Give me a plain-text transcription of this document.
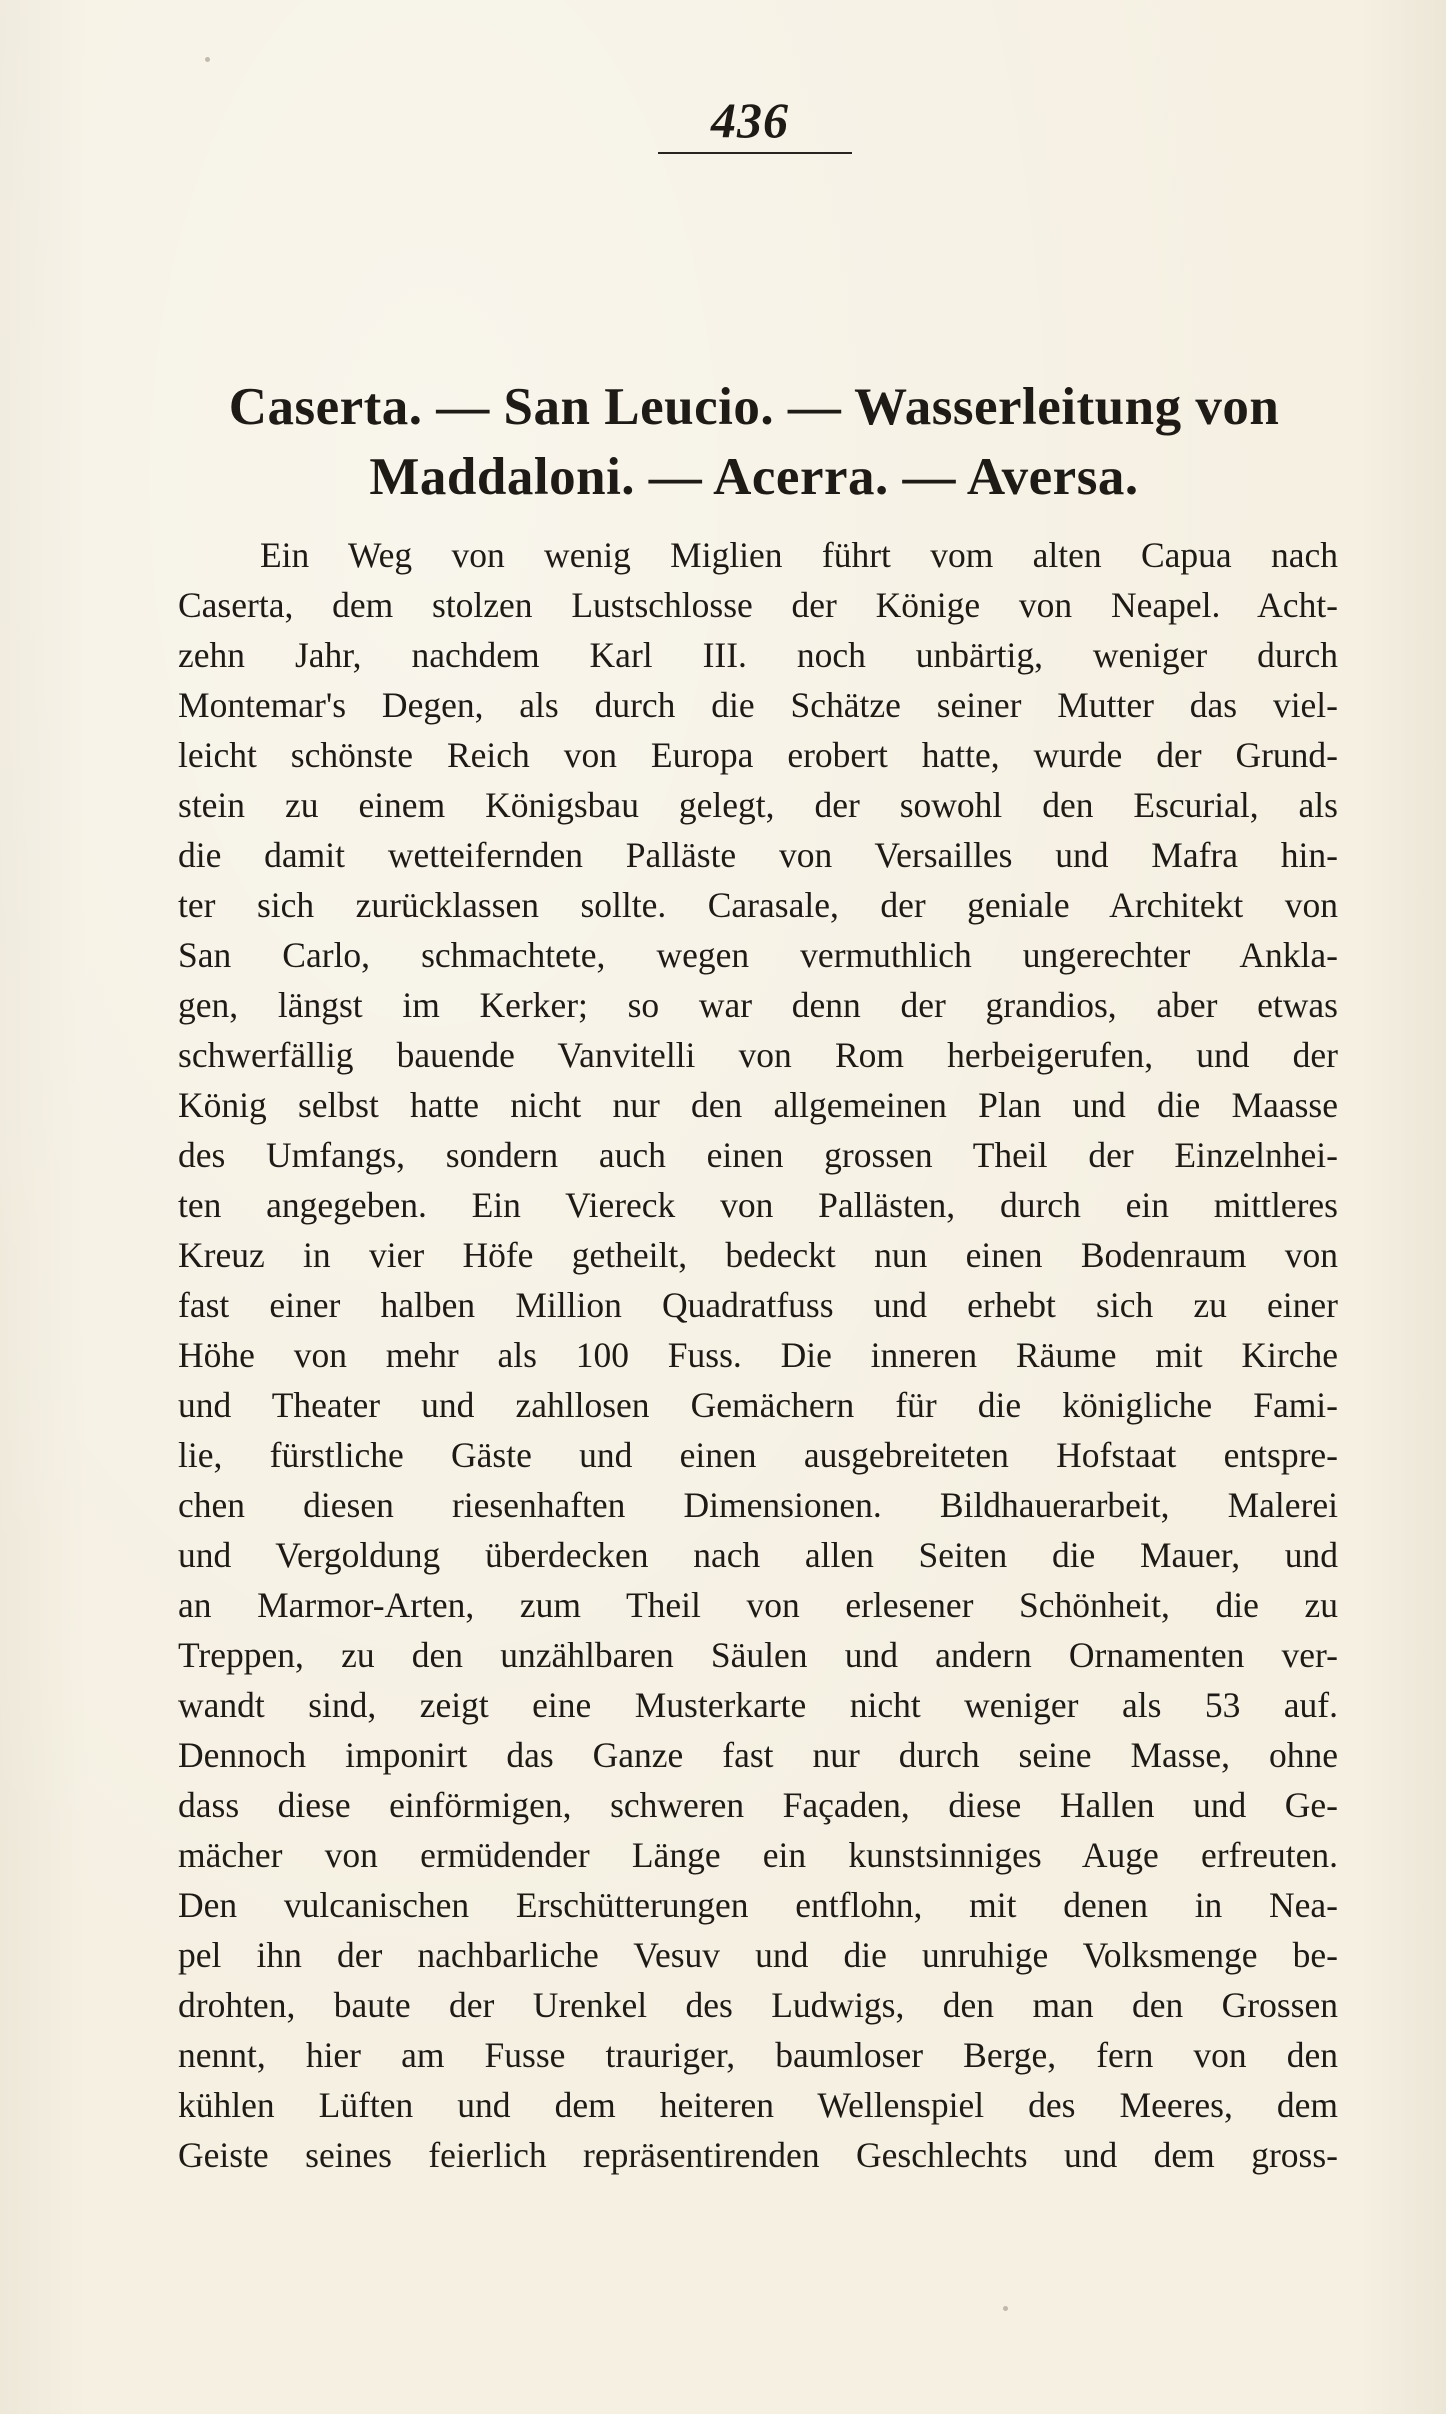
436
Caserta. — San Leucio. — Wasserleitung von
Maddaloni. — Acerra. — Aversa.
Ein Weg von wenig Miglien führt vom alten Capua nach
Caserta, dem stolzen Lustschlosse der Könige von Neapel. Acht-
zehn Jahr, nachdem Karl III. noch unbärtig, weniger durch
Montemar's Degen, als durch die Schätze seiner Mutter das viel-
leicht schönste Reich von Europa erobert hatte, wurde der Grund-
stein zu einem Königsbau gelegt, der sowohl den Escurial, als
die damit wetteifernden Palläste von Versailles und Mafra hin-
ter sich zurücklassen sollte. Carasale, der geniale Architekt von
San Carlo, schmachtete, wegen vermuthlich ungerechter Ankla-
gen, längst im Kerker; so war denn der grandios, aber etwas
schwerfällig bauende Vanvitelli von Rom herbeigerufen, und der
König selbst hatte nicht nur den allgemeinen Plan und die Maasse
des Umfangs, sondern auch einen grossen Theil der Einzelnhei-
ten angegeben. Ein Viereck von Pallästen, durch ein mittleres
Kreuz in vier Höfe getheilt, bedeckt nun einen Bodenraum von
fast einer halben Million Quadratfuss und erhebt sich zu einer
Höhe von mehr als 100 Fuss. Die inneren Räume mit Kirche
und Theater und zahllosen Gemächern für die königliche Fami-
lie, fürstliche Gäste und einen ausgebreiteten Hofstaat entspre-
chen diesen riesenhaften Dimensionen. Bildhauerarbeit, Malerei
und Vergoldung überdecken nach allen Seiten die Mauer, und
an Marmor-Arten, zum Theil von erlesener Schönheit, die zu
Treppen, zu den unzählbaren Säulen und andern Ornamenten ver-
wandt sind, zeigt eine Musterkarte nicht weniger als 53 auf.
Dennoch imponirt das Ganze fast nur durch seine Masse, ohne
dass diese einförmigen, schweren Façaden, diese Hallen und Ge-
mächer von ermüdender Länge ein kunstsinniges Auge erfreuten.
Den vulcanischen Erschütterungen entflohn, mit denen in Nea-
pel ihn der nachbarliche Vesuv und die unruhige Volksmenge be-
drohten, baute der Urenkel des Ludwigs, den man den Grossen
nennt, hier am Fusse trauriger, baumloser Berge, fern von den
kühlen Lüften und dem heiteren Wellenspiel des Meeres, dem
Geiste seines feierlich repräsentirenden Geschlechts und dem gross-
